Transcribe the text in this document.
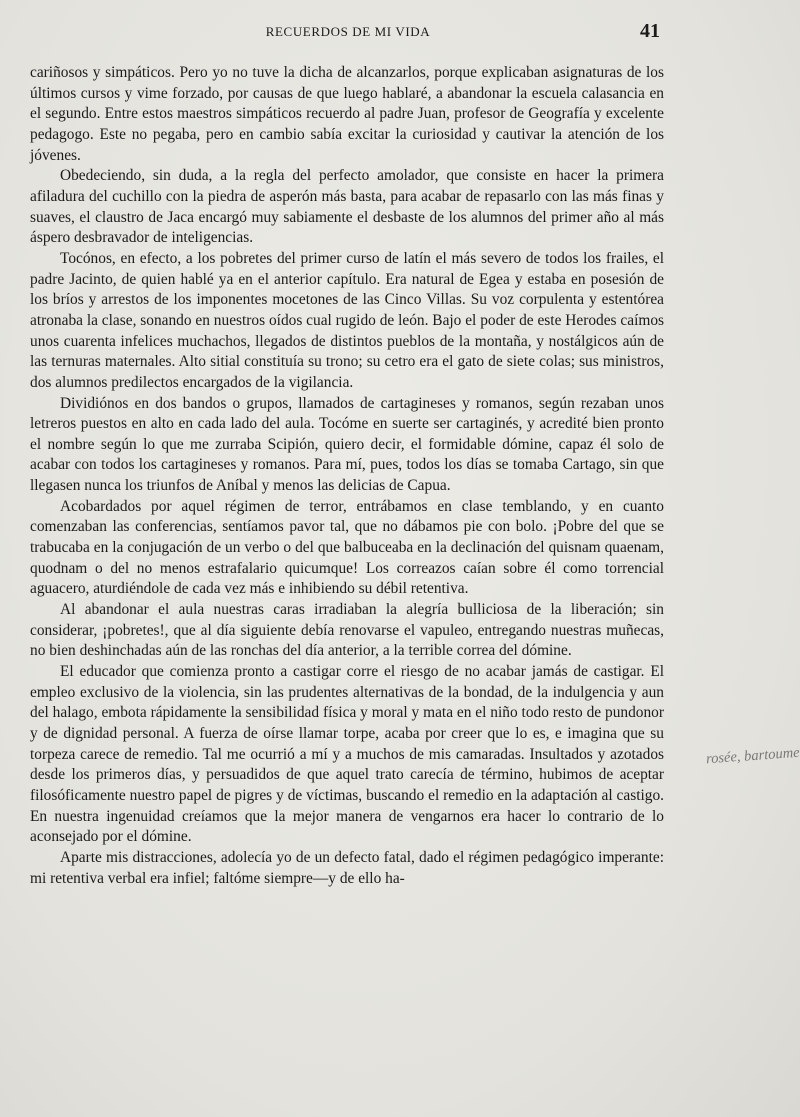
RECUERDOS DE MI VIDA	41

cariñosos y simpáticos. Pero yo no tuve la dicha de alcanzarlos, porque explicaban asignaturas de los últimos cursos y vime forzado, por causas de que luego hablaré, a abandonar la escuela calasancia en el segundo. Entre estos maestros simpáticos recuerdo al padre Juan, profesor de Geografía y excelente pedagogo. Este no pegaba, pero en cambio sabía excitar la curiosidad y cautivar la atención de los jóvenes.

Obedeciendo, sin duda, a la regla del perfecto amolador, que consiste en hacer la primera afiladura del cuchillo con la piedra de asperón más basta, para acabar de repasarlo con las más finas y suaves, el claustro de Jaca encargó muy sabiamente el desbaste de los alumnos del primer año al más áspero desbravador de inteligencias.

Tocónos, en efecto, a los pobretes del primer curso de latín el más severo de todos los frailes, el padre Jacinto, de quien hablé ya en el anterior capítulo. Era natural de Egea y estaba en posesión de los bríos y arrestos de los imponentes mocetones de las Cinco Villas. Su voz corpulenta y estentórea atronaba la clase, sonando en nuestros oídos cual rugido de león. Bajo el poder de este Herodes caímos unos cuarenta infelices muchachos, llegados de distintos pueblos de la montaña, y nostálgicos aún de las ternuras maternales. Alto sitial constituía su trono; su cetro era el gato de siete colas; sus ministros, dos alumnos predilectos encargados de la vigilancia.

Dividiónos en dos bandos o grupos, llamados de cartagineses y romanos, según rezaban unos letreros puestos en alto en cada lado del aula. Tocóme en suerte ser cartaginés, y acredité bien pronto el nombre según lo que me zurraba Scipión, quiero decir, el formidable dómine, capaz él solo de acabar con todos los cartagineses y romanos. Para mí, pues, todos los días se tomaba Cartago, sin que llegasen nunca los triunfos de Aníbal y menos las delicias de Capua.

Acobardados por aquel régimen de terror, entrábamos en clase temblando, y en cuanto comenzaban las conferencias, sentíamos pavor tal, que no dábamos pie con bolo. ¡Pobre del que se trabucaba en la conjugación de un verbo o del que balbuceaba en la declinación del quisnam quaenam, quodnam o del no menos estrafalario quicumque! Los correazos caían sobre él como torrencial aguacero, aturdiéndole de cada vez más e inhibiendo su débil retentiva.

Al abandonar el aula nuestras caras irradiaban la alegría bulliciosa de la liberación; sin considerar, ¡pobretes!, que al día siguiente debía renovarse el vapuleo, entregando nuestras muñecas, no bien deshinchadas aún de las ronchas del día anterior, a la terrible correa del dómine.

El educador que comienza pronto a castigar corre el riesgo de no acabar jamás de castigar. El empleo exclusivo de la violencia, sin las prudentes alternativas de la bondad, de la indulgencia y aun del halago, embota rápidamente la sensibilidad física y moral y mata en el niño todo resto de pundonor y de dignidad personal. A fuerza de oírse llamar torpe, acaba por creer que lo es, e imagina que su torpeza carece de remedio. Tal me ocurrió a mí y a muchos de mis camaradas. Insultados y azotados desde los primeros días, y persuadidos de que aquel trato carecía de término, hubimos de aceptar filosóficamente nuestro papel de pigres y de víctimas, buscando el remedio en la adaptación al castigo. En nuestra ingenuidad creíamos que la mejor manera de vengarnos era hacer lo contrario de lo aconsejado por el dómine.

Aparte mis distracciones, adolecía yo de un defecto fatal, dado el régimen pedagógico imperante: mi retentiva verbal era infiel; faltóme siempre—y de ello ha-

rosée, bartoume
